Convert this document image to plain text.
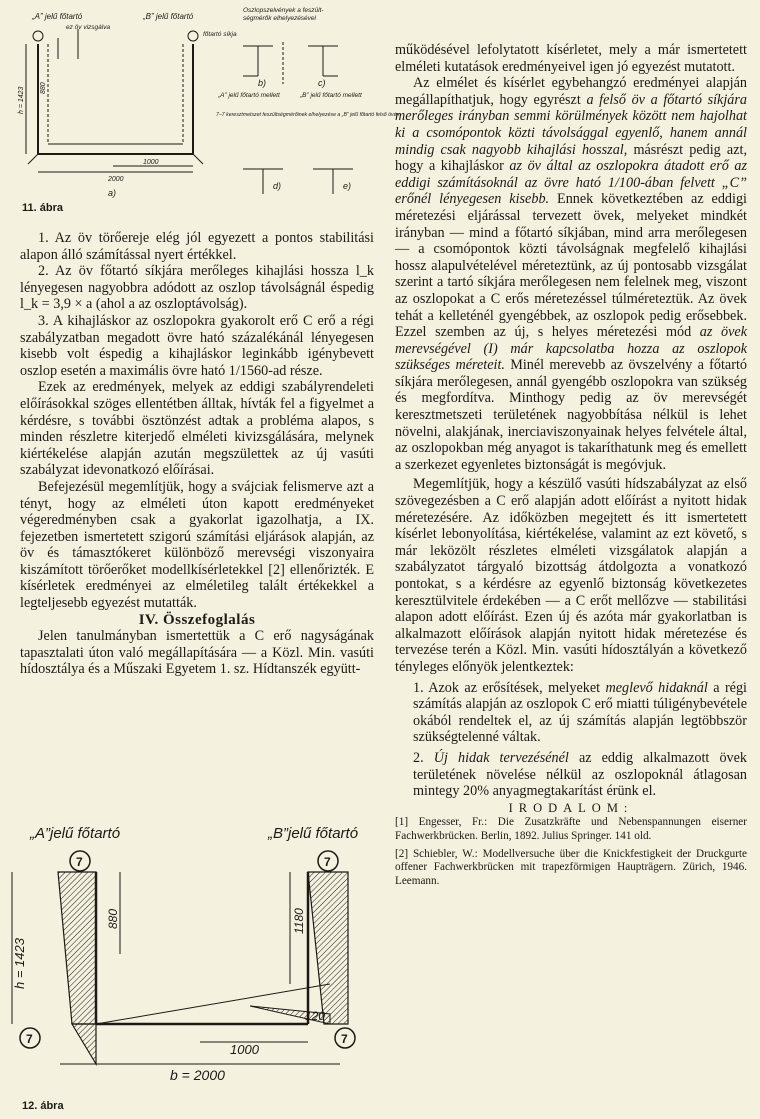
„A” jelű főtartó
ez öv vizsgálva
„B” jelű főtartó
Oszlopszelvények a feszült-
ségmérők elhelyezésével
főtartó síkja
„A” jelű főtartó mellett	„B” jelű főtartó mellett
7–7 keresztmetszet feszültségmérőinek elhelyezése a „B” jelű főtartó felső övén
h = 1423 880
1000
2000
a)
b)	c)
d)	e)
11. ábra

1. Az öv törőereje elég jól egyezett a pontos stabilitási alapon álló számítással nyert értékkel.

2. Az öv főtartó síkjára merőleges kihajlási hossza l_k lényegesen nagyobbra adódott az oszlop távolságnál éspedig l_k = 3,9 × a (ahol a az oszloptávolság).

3. A kihajláskor az oszlopokra gyakorolt erő C erő a régi szabályzatban megadott övre ható százalékánál lényegesen kisebb volt éspedig a kihajláskor leginkább igénybevett oszlop esetén a maximális övre ható 1/1560-ad része.

Ezek az eredmények, melyek az eddigi szabályrendeleti előírásokkal szöges ellentétben álltak, hívták fel a figyelmet a kérdésre, s további ösztönzést adtak a probléma alapos, s minden részletre kiterjedő elméleti kivizsgálására, melynek kiértékelése alapján azután megszülettek az új vasúti szabályzat idevonatkozó előírásai.

Befejezésül megemlítjük, hogy a svájciak felismerve azt a tényt, hogy az elméleti úton kapott eredményeket végeredményben csak a gyakorlat igazolhatja, a IX. fejezetben ismertetett szigorú számítási eljárások alapján, az öv és támasztókeret különböző merevségi viszonyaira kiszámított törőerőket modellkísérletekkel [2] ellenőrizték. E kísérletek eredményei az elméletileg talált értékekkel a legteljesebb egyezést mutatták.

IV. Összefoglalás

Jelen tanulmányban ismertettük a C erő nagyságának tapasztalati úton való megállapítására — a Közl. Min. vasúti hídosztálya és a Műszaki Egyetem 1. sz. Hídtanszék együtt-

„A”jelű főtartó	„B”jelű főtartó
h = 1423
880	1180
120
1000
b = 2000
7	7
7	7
12. ábra

működésével lefolytatott kísérletet, mely a már ismertetett elméleti kutatások eredményeivel igen jó egyezést mutatott.

Az elmélet és kísérlet egybehangzó eredményei alapján megállapíthatjuk, hogy egyrészt a felső öv a főtartó síkjára merőleges irányban semmi körülmények között nem hajolhat ki a csomópontok közti távolsággal egyenlő, hanem annál mindig csak nagyobb kihajlási hosszal, másrészt pedig azt, hogy a kihajláskor az öv által az oszlopokra átadott erő az eddigi számításoknál az övre ható 1/100-ában felvett „C” erőnél lényegesen kisebb. Ennek következtében az eddigi méretezési eljárással tervezett övek, melyeket mindkét irányban — mind a főtartó síkjában, mind arra merőlegesen — a csomópontok közti távolságnak megfelelő kihajlási hossz alapulvételével méreteztünk, az új pontosabb vizsgálat szerint a tartó síkjára merőlegesen nem felelnek meg, viszont az oszlopokat a C erős méretezéssel túlméreteztük. Az övek tehát a kelleténél gyengébbek, az oszlopok pedig erősebbek. Ezzel szemben az új, s helyes méretezési mód az övek merevségével (I) már kapcsolatba hozza az oszlopok szükséges méreteit. Minél merevebb az övszelvény a főtartó síkjára merőlegesen, annál gyengébb oszlopokra van szükség és megfordítva. Minthogy pedig az öv merevségét keresztmetszeti területének nagyobbítása nélkül is lehet növelni, alakjának, inerciaviszonyainak helyes felvétele által, az oszlopokban még anyagot is takaríthatunk meg és emellett a szerkezet egyenletes biztonságát is megóvjuk.

Megemlítjük, hogy a készülő vasúti hídszabályzat az első szövegezésben a C erő alapján adott előírást a nyitott hidak méretezésére. Az időközben megejtett és itt ismertetett kísérlet lebonyolítása, kiértékelése, valamint az ezt követő, s már leközölt részletes elméleti vizsgálatok alapján a szabályzatot tárgyaló bizottság átdolgozta a vonatkozó pontokat, s a kérdésre az egyenlő biztonság következetes keresztülvitele érdekében — a C erőt mellőzve — stabilitási alapon adott előírást. Ezen új és azóta már gyakorlatban is alkalmazott előírások alapján nyitott hidak méretezése és tervezése terén a Közl. Min. vasúti hídosztályán a következő tényleges előnyök jelentkeztek:

1. Azok az erősítések, melyeket meglevő hidaknál a régi számítás alapján az oszlopok C erő miatti túligénybevétele okából rendeltek el, az új számítás alapján legtöbbször szükségtelenné váltak.

2. Új hidak tervezésénél az eddig alkalmazott övek területének növelése nélkül az oszlopoknál átlagosan mintegy 20% anyagmegtakarítást érünk el.

IRODALOM:

[1] Engesser, Fr.: Die Zusatzkräfte und Nebenspannungen eiserner Fachwerkbrücken. Berlin, 1892. Julius Springer. 141 old.

[2] Schiebler, W.: Modellversuche über die Knickfestigkeit der Druckgurte offener Fachwerkbrücken mit trapezförmigen Haupträgern. Zürich, 1946. Leemann.
